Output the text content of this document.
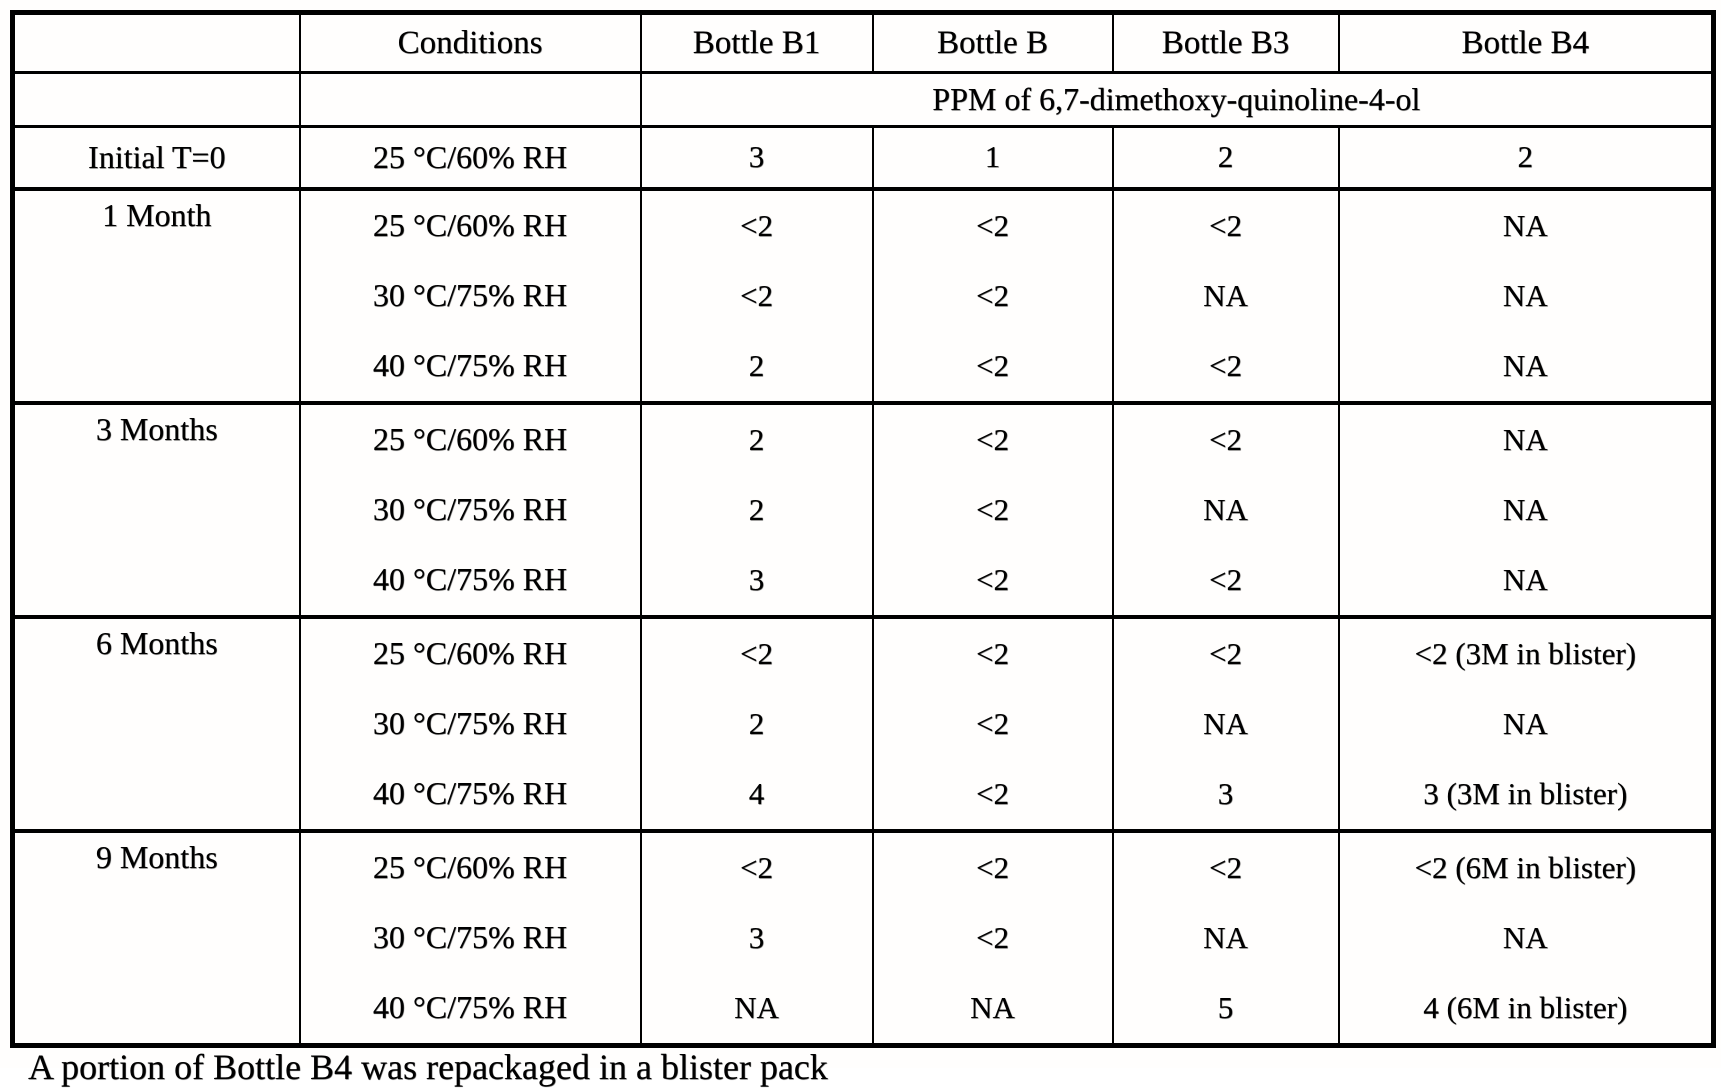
	Conditions	Bottle B1	Bottle B	Bottle B3	Bottle B4
		PPM of 6,7-dimethoxy-quinoline-4-ol			
Initial T=0	25 °C/60% RH	3	1	2	2
1 Month	25 °C/60% RH	<2	<2	<2	NA
	30 °C/75% RH	<2	<2	NA	NA
	40 °C/75% RH	2	<2	<2	NA
3 Months	25 °C/60% RH	2	<2	<2	NA
	30 °C/75% RH	2	<2	NA	NA
	40 °C/75% RH	3	<2	<2	NA
6 Months	25 °C/60% RH	<2	<2	<2	<2 (3M in blister)
	30 °C/75% RH	2	<2	NA	NA
	40 °C/75% RH	4	<2	3	3 (3M in blister)
9 Months	25 °C/60% RH	<2	<2	<2	<2 (6M in blister)
	30 °C/75% RH	3	<2	NA	NA
	40 °C/75% RH	NA	NA	5	4 (6M in blister)
A portion of Bottle B4 was repackaged in a blister pack
